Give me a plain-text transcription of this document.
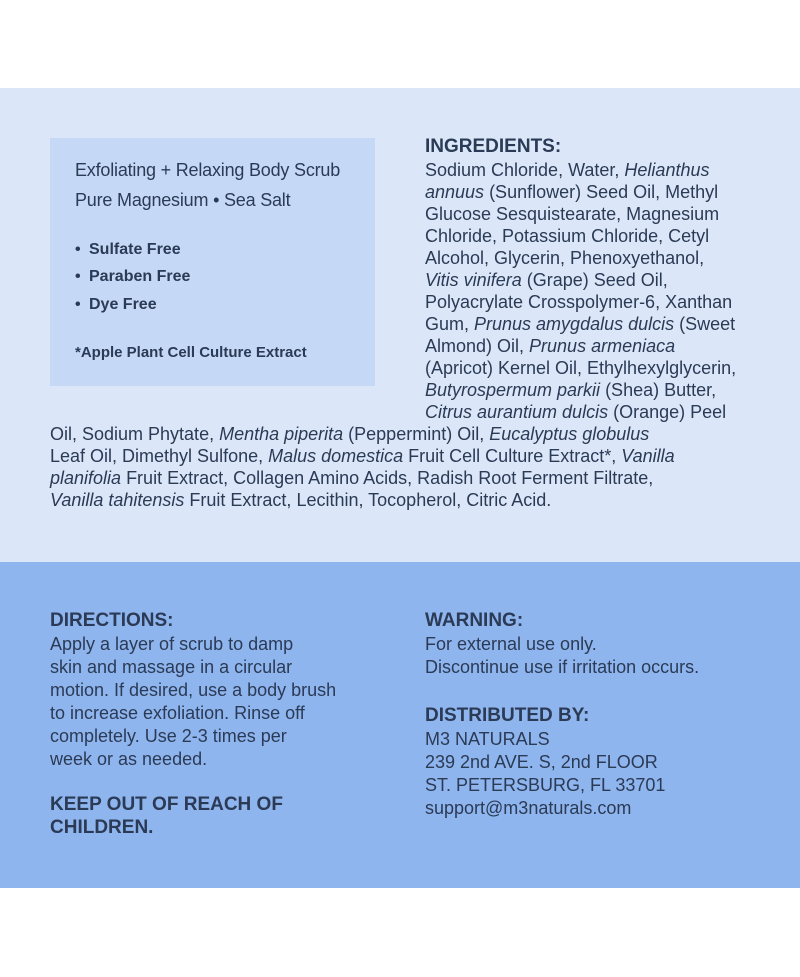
Exfoliating + Relaxing Body Scrub
Pure Magnesium • Sea Salt
• Sulfate Free
• Paraben Free
• Dye Free
*Apple Plant Cell Culture Extract
INGREDIENTS:
Sodium Chloride, Water, Helianthus
annuus (Sunflower) Seed Oil, Methyl
Glucose Sesquistearate, Magnesium
Chloride, Potassium Chloride, Cetyl
Alcohol, Glycerin, Phenoxyethanol,
Vitis vinifera (Grape) Seed Oil,
Polyacrylate Crosspolymer-6, Xanthan
Gum, Prunus amygdalus dulcis (Sweet
Almond) Oil, Prunus armeniaca
(Apricot) Kernel Oil, Ethylhexylglycerin,
Butyrospermum parkii (Shea) Butter,
Citrus aurantium dulcis (Orange) Peel
Oil, Sodium Phytate, Mentha piperita (Peppermint) Oil, Eucalyptus globulus
Leaf Oil, Dimethyl Sulfone, Malus domestica Fruit Cell Culture Extract*, Vanilla
planifolia Fruit Extract, Collagen Amino Acids, Radish Root Ferment Filtrate,
Vanilla tahitensis Fruit Extract, Lecithin, Tocopherol, Citric Acid.
DIRECTIONS:
Apply a layer of scrub to damp
skin and massage in a circular
motion. If desired, use a body brush
to increase exfoliation. Rinse off
completely. Use 2-3 times per
week or as needed.
KEEP OUT OF REACH OF
CHILDREN.
WARNING:
For external use only.
Discontinue use if irritation occurs.
DISTRIBUTED BY:
M3 NATURALS
239 2nd AVE. S, 2nd FLOOR
ST. PETERSBURG, FL 33701
support@m3naturals.com
